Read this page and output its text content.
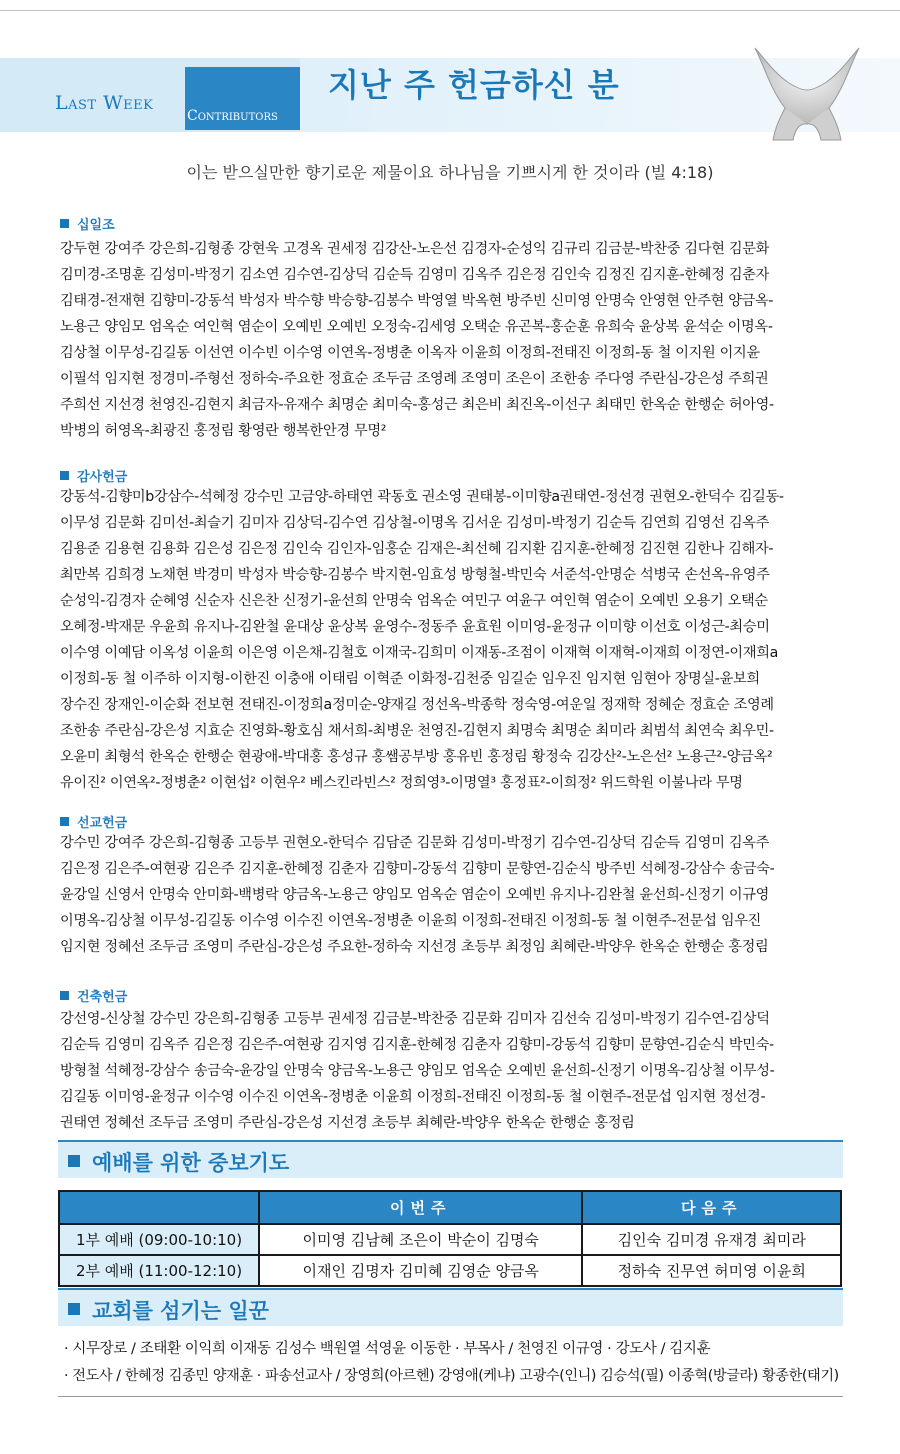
Last Week
Contributors
지난 주 헌금하신 분
이는 받으실만한 향기로운 제물이요 하나님을 기쁘시게 한 것이라 (빌 4:18)
십일조
강두현 강여주 강은희-김형종 강현욱 고경옥 권세정 김강산-노은선 김경자-순성익 김규리 김금분-박찬중 김다현 김문화
김미경-조명훈 김성미-박정기 김소연 김수연-김상덕 김순득 김영미 김옥주 김은정 김인숙 김정진 김지훈-한혜정 김춘자
김태경-전재현 김향미-강동석 박성자 박수향 박승향-김봉수 박영열 박옥현 방주빈 신미영 안명숙 안영현 안주현 양금옥-
노용근 양임모 엄옥순 여인혁 염순이 오예빈 오예빈 오정숙-김세영 오택순 유곤복-홍순훈 유희숙 윤상복 윤석순 이명옥-
김상철 이무성-김길동 이선연 이수빈 이수영 이연옥-정병춘 이옥자 이윤희 이정희-전태진 이정희-동 철 이지원 이지윤
이필석 임지현 정경미-주형선 정하숙-주요한 정효순 조두금 조영례 조영미 조은이 조한송 주다영 주란심-강은성 주희권
주희선 지선경 천영진-김현지 최금자-유재수 최명순 최미숙-홍성근 최은비 최진옥-이선구 최태민 한옥순 한행순 허아영-
박병의 허영옥-최광진 홍정림 황영란 행복한안경 무명²
감사헌금
강동석-김향미b강삼수-석혜정 강수민 고금양-하태연 곽동호 권소영 권태봉-이미향a권태연-정선경 권현오-한덕수 김길동-
이무성 김문화 김미선-최슬기 김미자 김상덕-김수연 김상철-이명옥 김서운 김성미-박정기 김순득 김연희 김영선 김옥주
김용준 김용현 김용화 김은성 김은정 김인숙 김인자-임홍순 김재은-최선혜 김지환 김지훈-한혜정 김진현 김한나 김해자-
최만복 김희경 노채현 박경미 박성자 박승향-김봉수 박지현-임효성 방형철-박민숙 서준석-안명순 석병국 손선옥-유영주
순성익-김경자 순혜영 신순자 신은찬 신정기-윤선희 안명숙 엄옥순 여민구 여윤구 여인혁 염순이 오예빈 오용기 오택순
오혜정-박재문 우윤희 유지나-김완철 윤대상 윤상복 윤영수-정동주 윤효원 이미영-윤정규 이미향 이선호 이성근-최승미
이수영 이예담 이옥성 이윤희 이은영 이은채-김철호 이재국-김희미 이재동-조점이 이재혁 이재혁-이재희 이정연-이재희a
이정희-동 철 이주하 이지형-이한진 이충애 이태림 이혁준 이화정-김천중 임길순 임우진 임지현 임현아 장명실-윤보희
장수진 장재인-이순화 전보현 전태진-이정희a정미순-양재길 정선옥-박종학 정숙영-여운일 정재학 정혜순 정효순 조영례
조한송 주란심-강은성 지효순 진영화-황호심 채서희-최병운 천영진-김현지 최명숙 최명순 최미라 최범석 최연숙 최우민-
오윤미 최형석 한옥순 한행순 현광애-박대홍 홍성규 홍쌤공부방 홍유빈 홍정림 황정숙 김강산²-노은선² 노용근²-양금옥²
유이진² 이연옥²-정병춘² 이현섭² 이현우² 베스킨라빈스² 정희영³-이명열³ 홍정표²-이희정² 위드학원 이불나라 무명
선교헌금
강수민 강여주 강은희-김형종 고등부 권현오-한덕수 김담준 김문화 김성미-박정기 김수연-김상덕 김순득 김영미 김옥주
김은정 김은주-여현광 김은주 김지훈-한혜정 김춘자 김향미-강동석 김향미 문향연-김순식 방주빈 석혜정-강삼수 송금숙-
윤강일 신영서 안명숙 안미화-백병락 양금옥-노용근 양임모 엄옥순 염순이 오예빈 유지나-김완철 윤선희-신정기 이규영
이명옥-김상철 이무성-김길동 이수영 이수진 이연옥-정병춘 이윤희 이정희-전태진 이정희-동 철 이현주-전문섭 임우진
임지현 정혜선 조두금 조영미 주란심-강은성 주요한-정하숙 지선경 초등부 최정임 최혜란-박양우 한옥순 한행순 홍정림
건축헌금
강선영-신상철 강수민 강은희-김형종 고등부 권세정 김금분-박찬중 김문화 김미자 김선숙 김성미-박정기 김수연-김상덕
김순득 김영미 김옥주 김은정 김은주-여현광 김지영 김지훈-한혜정 김춘자 김향미-강동석 김향미 문향연-김순식 박민숙-
방형철 석혜정-강삼수 송금숙-윤강일 안명숙 양금옥-노용근 양임모 엄옥순 오예빈 윤선희-신정기 이명옥-김상철 이무성-
김길동 이미영-윤정규 이수영 이수진 이연옥-정병춘 이윤희 이정희-전태진 이정희-동 철 이현주-전문섭 임지현 정선경-
권태연 정혜선 조두금 조영미 주란심-강은성 지선경 초등부 최혜란-박양우 한옥순 한행순 홍정림
예배를 위한 중보기도
	이번주	다음주
1부 예배 (09:00-10:10)	이미영 김남혜 조은이 박순이 김명숙	김인숙 김미경 유재경 최미라
2부 예배 (11:00-12:10)	이재인 김명자 김미혜 김영순 양금옥	정하숙 진무연 허미영 이윤희
교회를 섬기는 일꾼
· 시무장로 / 조태환 이익희 이재동 김성수 백원열 석영윤 이동한 · 부목사 / 천영진 이규영 · 강도사 / 김지훈
· 전도사 / 한혜정 김종민 양재훈 · 파송선교사 / 장영희(아르헨) 강영애(케냐) 고광수(인니) 김승석(필) 이종혁(방글라) 황종한(태기)
